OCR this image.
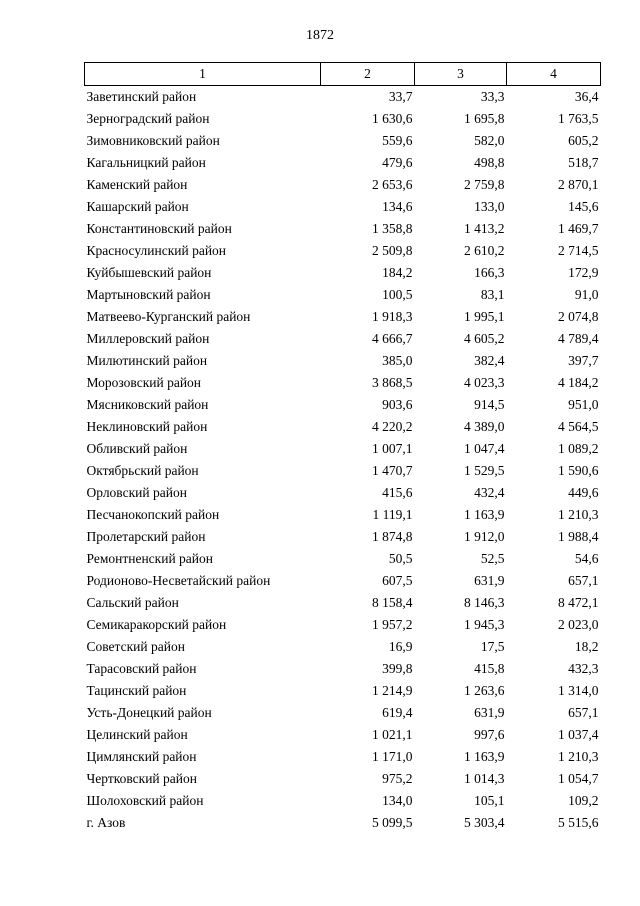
1872
1	2	3	4
Заветинский район	33,7	33,3	36,4
Зерноградский район	1 630,6	1 695,8	1 763,5
Зимовниковский район	559,6	582,0	605,2
Кагальницкий район	479,6	498,8	518,7
Каменский район	2 653,6	2 759,8	2 870,1
Кашарский район	134,6	133,0	145,6
Константиновский район	1 358,8	1 413,2	1 469,7
Красносулинский район	2 509,8	2 610,2	2 714,5
Куйбышевский район	184,2	166,3	172,9
Мартыновский район	100,5	83,1	91,0
Матвеево-Курганский район	1 918,3	1 995,1	2 074,8
Миллеровский район	4 666,7	4 605,2	4 789,4
Милютинский район	385,0	382,4	397,7
Морозовский район	3 868,5	4 023,3	4 184,2
Мясниковский район	903,6	914,5	951,0
Неклиновский район	4 220,2	4 389,0	4 564,5
Обливский район	1 007,1	1 047,4	1 089,2
Октябрьский район	1 470,7	1 529,5	1 590,6
Орловский район	415,6	432,4	449,6
Песчанокопский район	1 119,1	1 163,9	1 210,3
Пролетарский район	1 874,8	1 912,0	1 988,4
Ремонтненский район	50,5	52,5	54,6
Родионово-Несветайский район	607,5	631,9	657,1
Сальский район	8 158,4	8 146,3	8 472,1
Семикаракорский район	1 957,2	1 945,3	2 023,0
Советский район	16,9	17,5	18,2
Тарасовский район	399,8	415,8	432,3
Тацинский район	1 214,9	1 263,6	1 314,0
Усть-Донецкий район	619,4	631,9	657,1
Целинский район	1 021,1	997,6	1 037,4
Цимлянский район	1 171,0	1 163,9	1 210,3
Чертковский район	975,2	1 014,3	1 054,7
Шолоховский район	134,0	105,1	109,2
г. Азов	5 099,5	5 303,4	5 515,6
